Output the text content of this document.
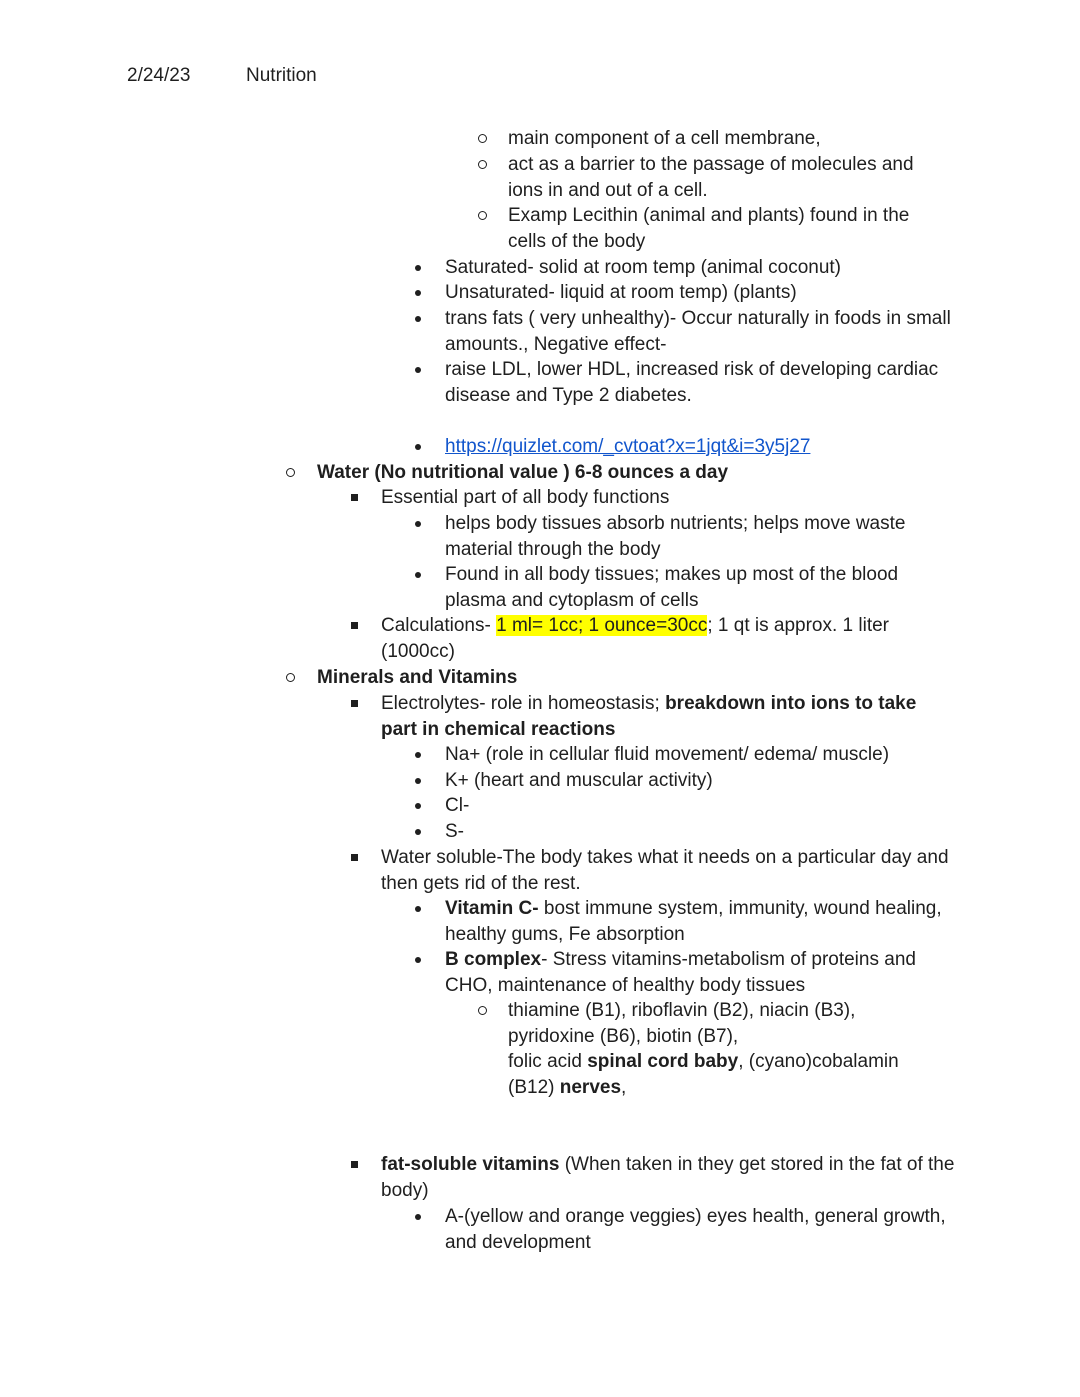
2/24/23	Nutrition
main component of a cell membrane,
act as a barrier to the passage of molecules and ions in and out of a cell.
Examp Lecithin (animal and plants) found in the cells of the body
Saturated- solid at room temp (animal coconut)
Unsaturated- liquid at room temp) (plants)
trans fats ( very unhealthy)- Occur naturally in foods in small amounts., Negative effect-
raise LDL, lower HDL, increased risk of developing cardiac disease and Type 2 diabetes.
https://quizlet.com/_cvtoat?x=1jqt&i=3y5j27
Water (No nutritional value ) 6-8 ounces a day
Essential part of all body functions
helps body tissues absorb nutrients; helps move waste material through the body
Found in all body tissues; makes up most of the blood plasma and cytoplasm of cells
Calculations- 1 ml= 1cc; 1 ounce=30cc; 1 qt is approx. 1 liter (1000cc)
Minerals and Vitamins
Electrolytes- role in homeostasis; breakdown into ions to take part in chemical reactions
Na+ (role in cellular fluid movement/ edema/ muscle)
K+ (heart and muscular activity)
Cl-
S-
Water soluble-The body takes what it needs on a particular day and then gets rid of the rest.
Vitamin C- bost immune system, immunity, wound healing, healthy gums, Fe absorption
B complex- Stress vitamins-metabolism of proteins and CHO, maintenance of healthy body tissues
thiamine (B1), riboflavin (B2), niacin (B3), pyridoxine (B6), biotin (B7),
folic acid spinal cord baby, (cyano)cobalamin (B12) nerves,
fat-soluble vitamins (When taken in they get stored in the fat of the body)
A-(yellow and orange veggies) eyes health, general growth, and development
